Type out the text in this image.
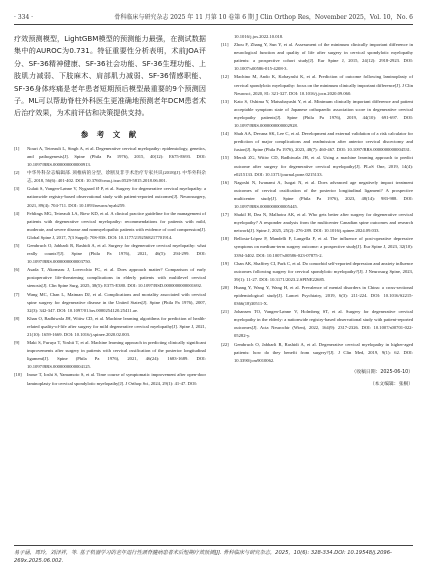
· 334 ·	骨科临床与研究杂志 2025 年 11 月第 10 卷第 6 期 J Clin Orthop Res，November 2025，Vol. 10，No. 6

疗效预测模型，LightGBM模型的预测能力最强，在测试数据集中的AUROC为0.731。特征重要性分析表明，术前JOA评分、SF-36精神健康、SF-36社会功能、SF-36生理功能、上肢肌力减弱、下肢麻木、肩部肌力减弱、SF-36情感职能、SF-36身体疼痛是老年患者短期预后模型最重要的9个预测因子。ML可以帮助脊柱外科医生更准确地预测老年DCM患者术后治疗效果，为术前评估和决策提供支持。

参 考 文 献
[1] Nouri A, Tetreault L, Singh A, et al. Degenerative cervical myelopathy: epidemiology, genetics, and pathogenesis[J]. Spine (Phila Pa 1976), 2015, 40(12): E675-E693. DOI: 10.1097/BRS.0000000000000913.
[2] 中华外科杂志编辑部. 颈椎病的分型、诊断及非手术治疗专家共识(2018)[J]. 中华外科杂志, 2018, 56(6): 401-402. DOI: 10.3760/cma.j.issn.0529-5815.2018.06.001.
[3] Gulati S, Vangen-Lønne V, Nygaard Ø P, et al. Surgery for degenerative cervical myelopathy: a nationwide registry-based observational study with patient-reported outcomes[J]. Neurosurgery, 2021, 89(4): 704-711. DOI: 10.1093/neuros/nyab259.
[4] Fehlings MG, Tetreault LA, Riew KD, et al. A clinical practice guideline for the management of patients with degenerative cervical myelopathy: recommendations for patients with mild, moderate, and severe disease and nonmyelopathic patients with evidence of cord compression[J]. Global Spine J, 2017, 7(3 Suppl): 70S-83S. DOI: 10.1177/2192568217701914.
[5] Gembruch O, Jabbarli R, Rashidi A, et al. Surgery for degenerative cervical myelopathy: what really counts?[J]. Spine (Phila Pa 1976), 2021, 46(5): 294-299. DOI: 10.1097/BRS.0000000000003750.
[6] Asada T, Akomaru J, Lovecchio FC, et al. Does approach matter? Comparison of early postoperative life-threatening complications in elderly patients with multilevel cervical stenosis[J]. Clin Spine Surg, 2025, 38(5): E375-E380. DOI: 10.1097/BSD.0000000000001692.
[7] Wang MC, Chan L, Maiman DJ, et al. Complications and mortality associated with cervical spine surgery for degenerative disease in the United States[J]. Spine (Phila Pa 1976), 2007, 32(3): 342-347. DOI: 10.1097/01.brs.0000254120.25411.ae.
[8] Khan O, Badhiwala JH, Witiw CD, et al. Machine learning algorithms for prediction of health-related quality-of-life after surgery for mild degenerative cervical myelopathy[J]. Spine J, 2021, 21(10): 1659-1669. DOI: 10.1016/j.spinee.2020.02.003.
[9] Maki S, Furuya T, Yoshii T, et al. Machine learning approach in predicting clinically significant improvements after surgery in patients with cervical ossification of the posterior longitudinal ligament[J]. Spine (Phila Pa 1976), 2021, 46(24): 1683-1689. DOI: 10.1097/BRS.0000000000004125.
[10] Inoue T, Ioshi S, Yamamoto S, et al. Time course of symptomatic improvement after open-door laminoplasty for cervical spondylotic myelopathy[J]. J Orthop Sci, 2024, 29(1): 41-47. DOI:
10.1016/j.jos.2022.10.018.
[11] Zhou F, Zhang Y, Sun Y, et al. Assessment of the minimum clinically important difference in neurological function and quality of life after surgery in cervical spondylotic myelopathy patients: a prospective cohort study[J]. Eur Spine J, 2015, 24(12): 2918-2923. DOI: 10.1007/s00586-015-4208-3.
[12] Machino M, Ando K, Kobayashi K, et al. Prediction of outcome following laminoplasty of cervical spondylotic myelopathy: focus on the minimum clinically important difference[J]. J Clin Neurosci, 2020, 81: 321-327. DOI: 10.1016/j.jocn.2020.09.060.
[13] Kato S, Oshima Y, Matsubayashi Y, et al. Minimum clinically important difference and patient acceptable symptom state of Japanese orthopaedic association score in degenerative cervical myelopathy patients[J]. Spine (Phila Pa 1976), 2019, 44(10): 691-697. DOI: 10.1097/BRS.0000000000002928.
[14] Shah AA, Devana SK, Lee C, et al. Development and external validation of a risk calculator for prediction of major complications and readmission after anterior cervical discectomy and fusion[J]. Spine (Phila Pa 1976), 2023, 48(7): 460-467. DOI: 10.1097/BRS.0000000000004531.
[15] Merali ZG, Witiw CD, Badhiwala JH, et al. Using a machine learning approach to predict outcome after surgery for degenerative cervical myelopathy[J]. PLoS One, 2019, 14(4): e0215133. DOI: 10.1371/journal.pone.0215133.
[16] Nagoshi N, Iwanami A, Isogai N, et al. Does advanced age negatively impact treatment outcomes of cervical ossification of the posterior longitudinal ligament? A prospective multicenter study[J]. Spine (Phila Pa 1976), 2023, 48(14): 983-988. DOI: 10.1097/BRS.0000000000005445.
[17] Shakil H, Dea N, Malhotra AK, et al. Who gets better after surgery for degenerative cervical myelopathy? A responder analysis from the multicenter Canadian spine outcomes and research network[J]. Spine J, 2025, 25(2): 276-289. DOI: 10.1016/j.spinee.2024.09.033.
[18] Bellosta-López P, Mandelli F, Langella F, et al. The influence of post-operative depressive symptoms on medium-term surgery outcome: a prospective study[J]. Eur Spine J, 2023, 32(10): 3394-3402. DOI: 10.1007/s00586-023-07875-2.
[19] Chan AK, Shaffrey CI, Park C, et al. Do comorbid self-reported depression and anxiety influence outcomes following surgery for cervical spondylotic myelopathy?[J]. J Neurosurg Spine, 2023, 39(1): 11-27. DOI: 10.3171/2023.2.SPINE22685.
[20] Huang Y, Wang Y, Wang H, et al. Prevalence of mental disorders in China: a cross-sectional epidemiological study[J]. Lancet Psychiatry, 2019, 6(3): 211-224. DOI: 10.1016/S2215-0366(18)30511-X.
[21] Johansen TO, Vangen-Lønne V, Holmberg ST, et al. Surgery for degenerative cervical myelopathy in the elderly: a nationwide registry-based observational study with patient-reported outcomes[J]. Acta Neurochir (Wien), 2022, 164(9): 2317-2326. DOI: 10.1007/s00701-022-05282-y.
[22] Gembruch O, Jabbarli R, Rashidi A, et al. Degenerative cervical myelopathy in higher-aged patients: how do they benefit from surgery?[J]. J Clin Med, 2019, 9(1): 62. DOI: 10.3390/jcm9010062.
（收稿日期：2025-06-10）
（本文编辑：张桐）
易子涵，周玲，刘泽祥，等. 基于机器学习的老年退行性颈脊髓病患者术后短期疗效预测[J]. 骨科临床与研究杂志，2025，10(6): 328-334.DOI: 10.19548/j.2096-269x.2025.06.002.
